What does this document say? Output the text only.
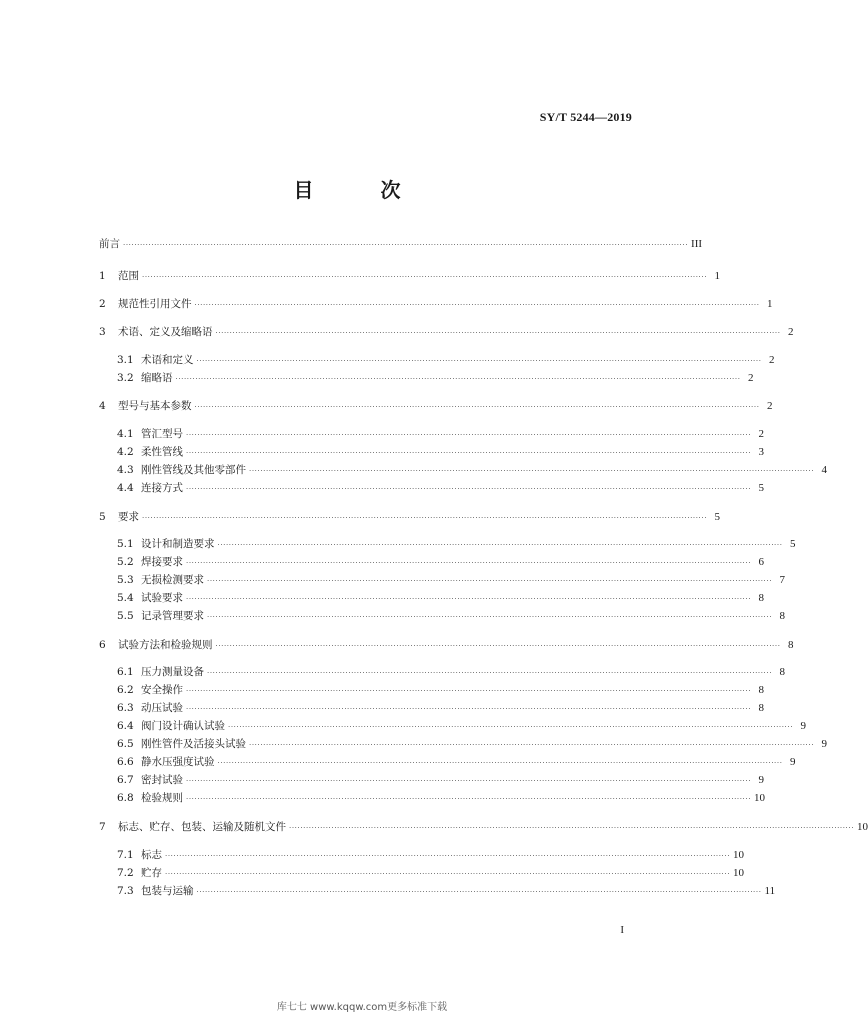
SY/T 5244—2019
目 次
前言 ········································································································································································································ III
1	范围 ········································································································································································································ 1
2	规范性引用文件 ········································································································································································································ 1
3	术语、定义及缩略语 ········································································································································································································ 2
3.1 术语和定义 ········································································································································································································ 2
3.2 缩略语 ········································································································································································································ 2
4	型号与基本参数 ········································································································································································································ 2
4.1 管汇型号 ········································································································································································································ 2
4.2 柔性管线 ········································································································································································································ 3
4.3 刚性管线及其他零部件 ········································································································································································································ 4
4.4 连接方式 ········································································································································································································ 5
5	要求 ········································································································································································································ 5
5.1 设计和制造要求 ········································································································································································································ 5
5.2 焊接要求 ········································································································································································································ 6
5.3 无损检测要求 ········································································································································································································ 7
5.4 试验要求 ········································································································································································································ 8
5.5 记录管理要求 ········································································································································································································ 8
6	试验方法和检验规则 ········································································································································································································ 8
6.1 压力测量设备 ········································································································································································································ 8
6.2 安全操作 ········································································································································································································ 8
6.3 动压试验 ········································································································································································································ 8
6.4 阀门设计确认试验 ········································································································································································································ 9
6.5 刚性管件及活接头试验 ········································································································································································································ 9
6.6 静水压强度试验 ········································································································································································································ 9
6.7 密封试验 ········································································································································································································ 9
6.8 检验规则 ········································································································································································································ 10
7	标志、贮存、包装、运输及随机文件 ········································································································································································································ 10
7.1 标志 ········································································································································································································ 10
7.2 贮存 ········································································································································································································ 10
7.3 包装与运输 ········································································································································································································ 11
I
库七七 www.kqqw.com更多标准下载
